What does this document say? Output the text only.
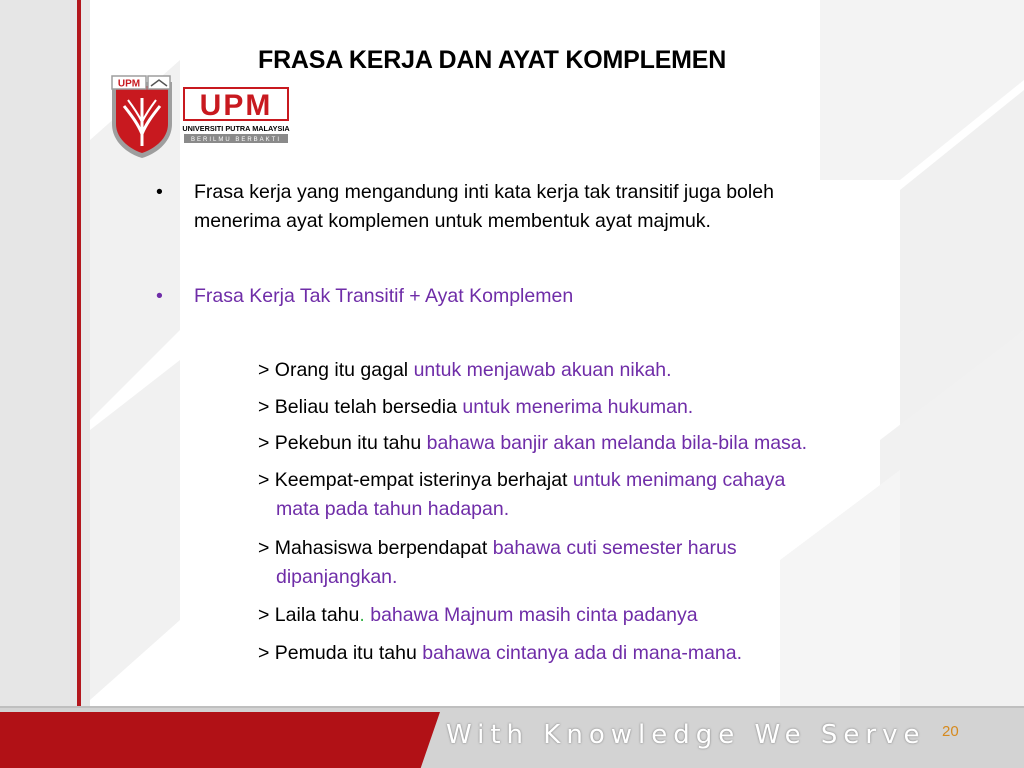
UPM
UPM
UNIVERSITI PUTRA MALAYSIA
BERILMU BERBAKTI
FRASA KERJA DAN AYAT KOMPLEMEN
•	Frasa kerja yang mengandung inti kata kerja tak transitif juga boleh
menerima ayat komplemen untuk membentuk ayat majmuk.
•	Frasa Kerja Tak Transitif + Ayat Komplemen
> Orang itu gagal untuk menjawab akuan nikah.
> Beliau telah bersedia untuk menerima hukuman.
> Pekebun itu tahu bahawa banjir akan melanda bila-bila masa.
> Keempat-empat isterinya berhajat untuk menimang cahaya
mata pada tahun hadapan.
> Mahasiswa berpendapat bahawa cuti semester harus
dipanjangkan.
> Laila tahu. bahawa Majnum masih cinta padanya
> Pemuda itu tahu bahawa cintanya ada di mana-mana.
With Knowledge We Serve 20
